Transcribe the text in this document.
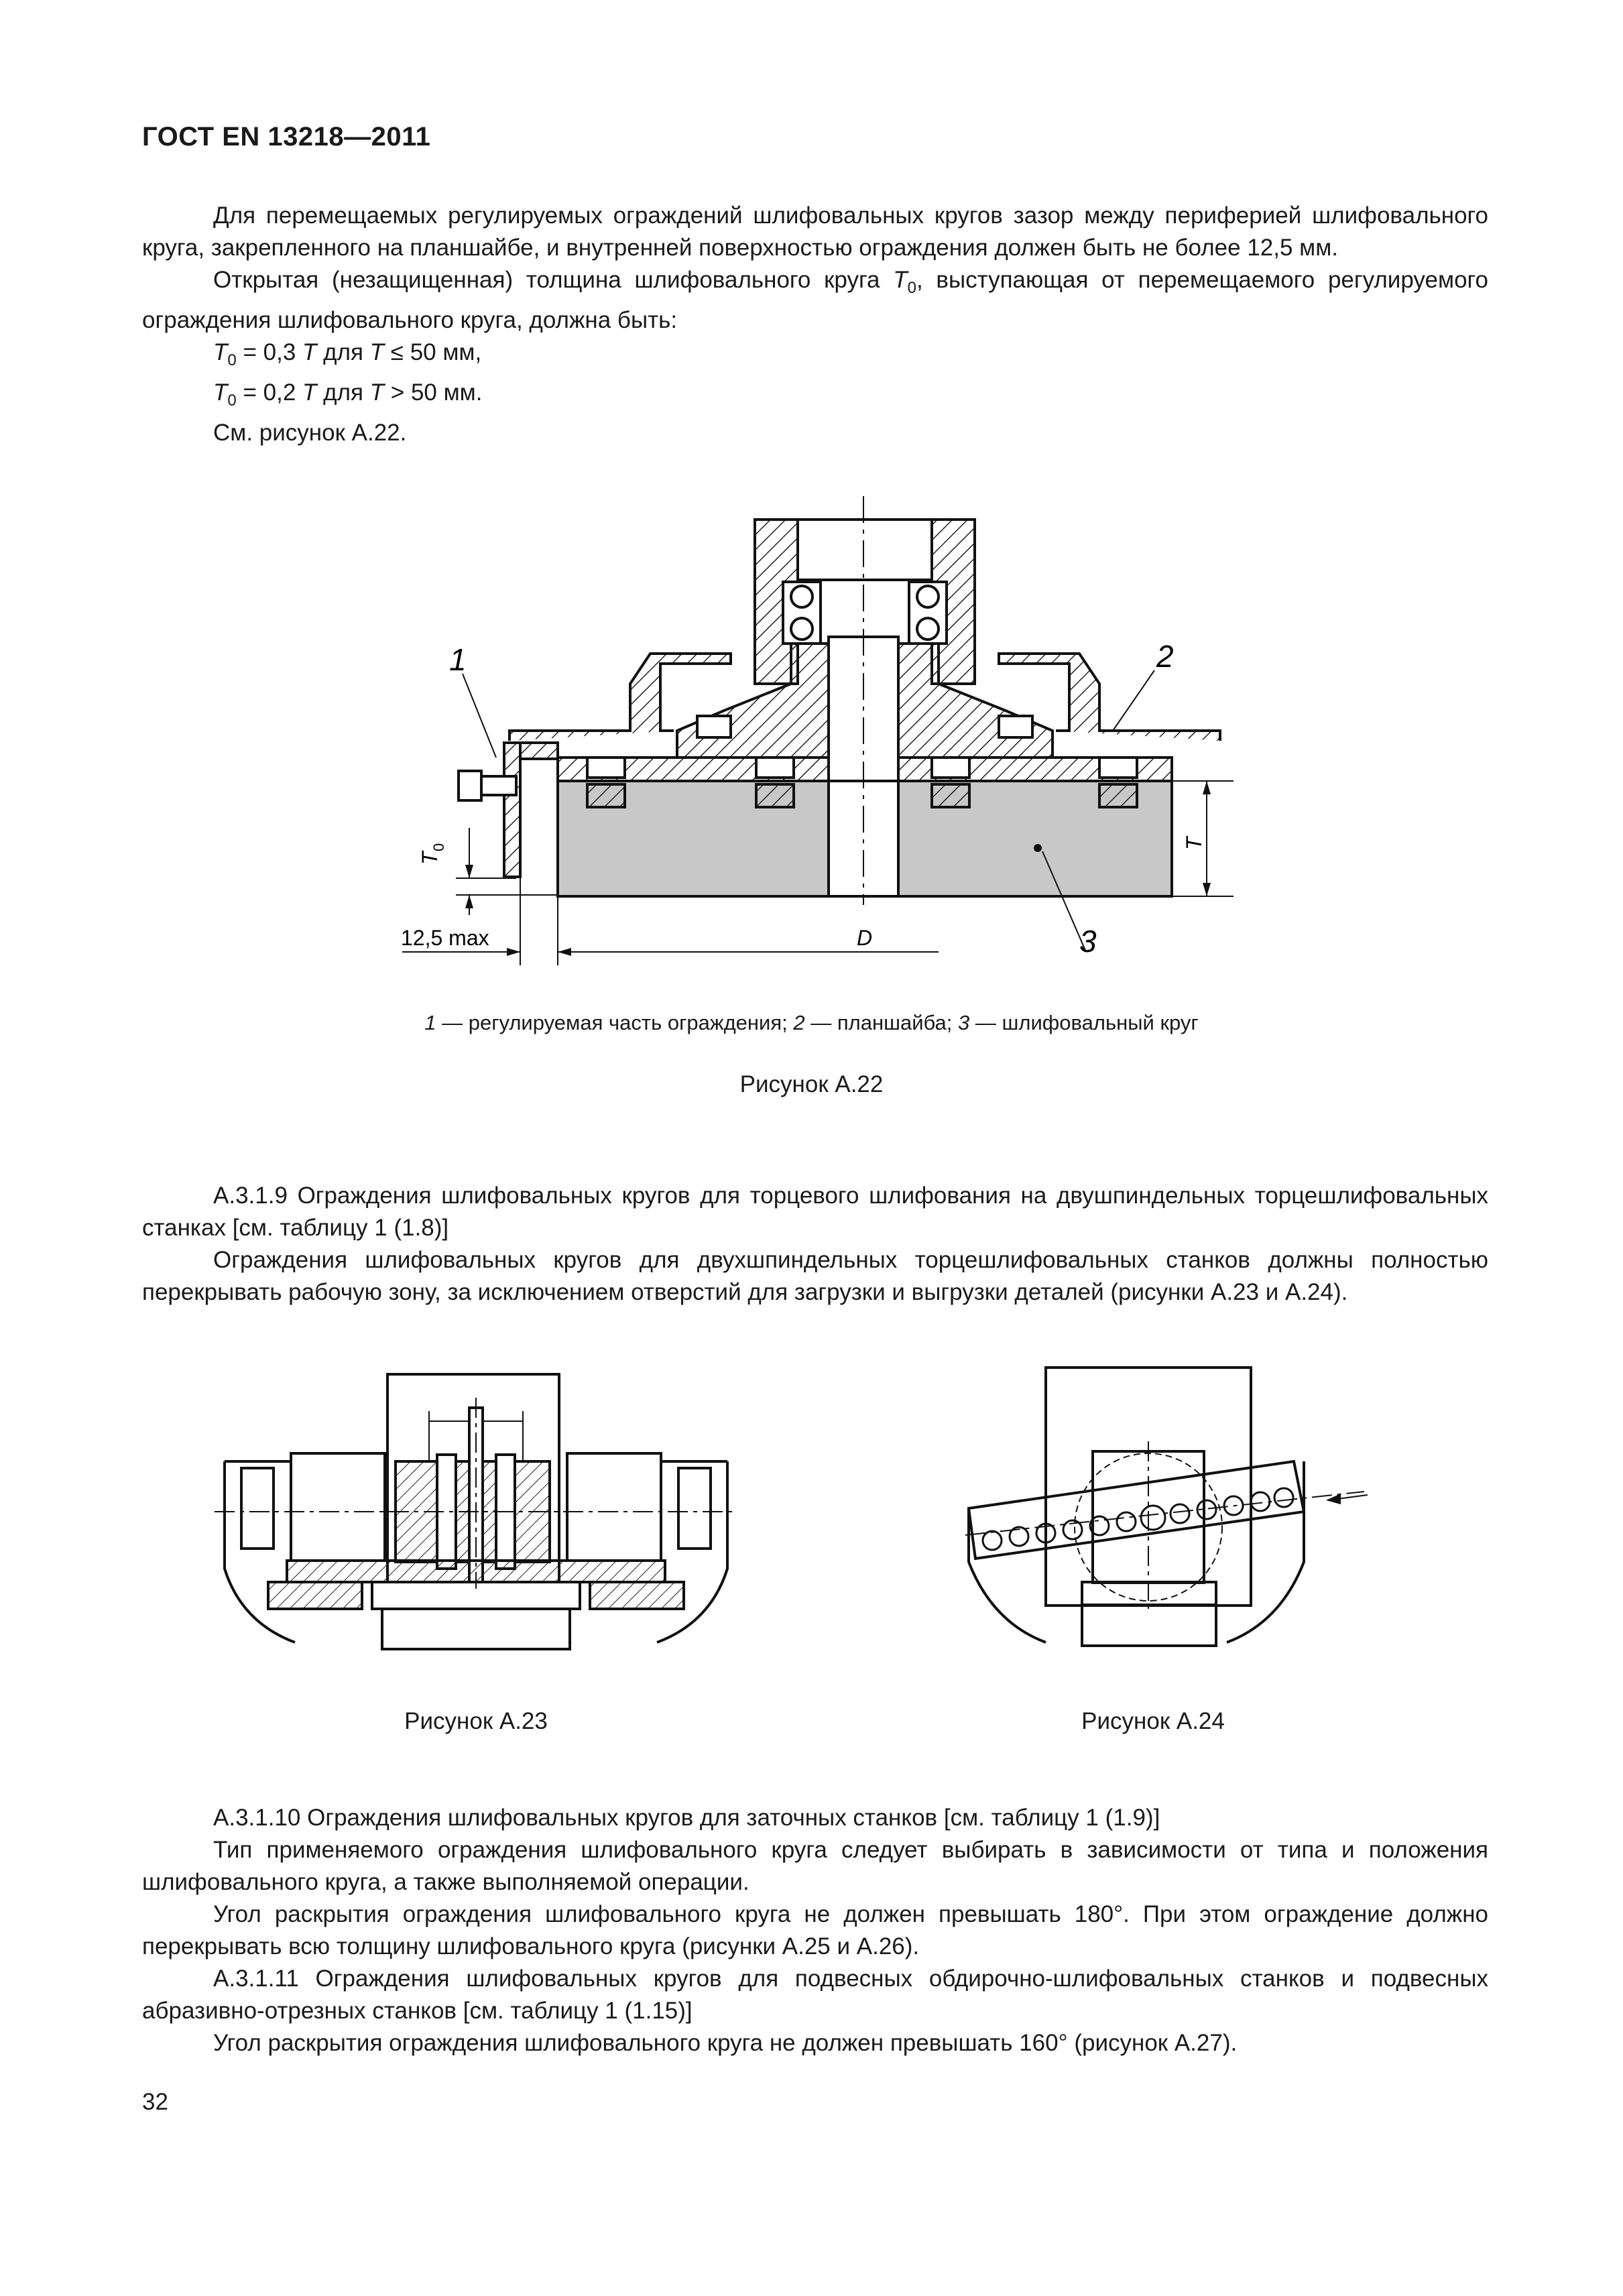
ГОСТ EN 13218—2011

Для перемещаемых регулируемых ограждений шлифовальных кругов зазор между периферией шлифовального круга, закрепленного на планшайбе, и внутренней поверхностью ограждения должен быть не более 12,5 мм.

Открытая (незащищенная) толщина шлифовального круга $T_0$, выступающая от перемещаемого регулируемого ограждения шлифовального круга, должна быть:

$T_0 = 0,3$ T для T ≤ 50 мм,

$T_0 = 0,2$ T для T > 50 мм.

См. рисунок А.22.

1	2
3
T
0	T
D
12,5 max
1 — регулируемая часть ограждения; 2 — планшайба; 3 — шлифовальный круг
Рисунок А.22

А.3.1.9 Ограждения шлифовальных кругов для торцевого шлифования на двушпиндельных торцешлифовальных станках [см. таблицу 1 (1.8)]

Ограждения шлифовальных кругов для двухшпиндельных торцешлифовальных станков должны полностью перекрывать рабочую зону, за исключением отверстий для загрузки и выгрузки деталей (рисунки А.23 и А.24).

Рисунок А.23	Рисунок А.24

А.3.1.10 Ограждения шлифовальных кругов для заточных станков [см. таблицу 1 (1.9)]

Тип применяемого ограждения шлифовального круга следует выбирать в зависимости от типа и положения шлифовального круга, а также выполняемой операции.

Угол раскрытия ограждения шлифовального круга не должен превышать 180°. При этом ограждение должно перекрывать всю толщину шлифовального круга (рисунки А.25 и А.26).

А.3.1.11 Ограждения шлифовальных кругов для подвесных обдирочно-шлифовальных станков и подвесных абразивно-отрезных станков [см. таблицу 1 (1.15)]

Угол раскрытия ограждения шлифовального круга не должен превышать 160° (рисунок А.27).

32
